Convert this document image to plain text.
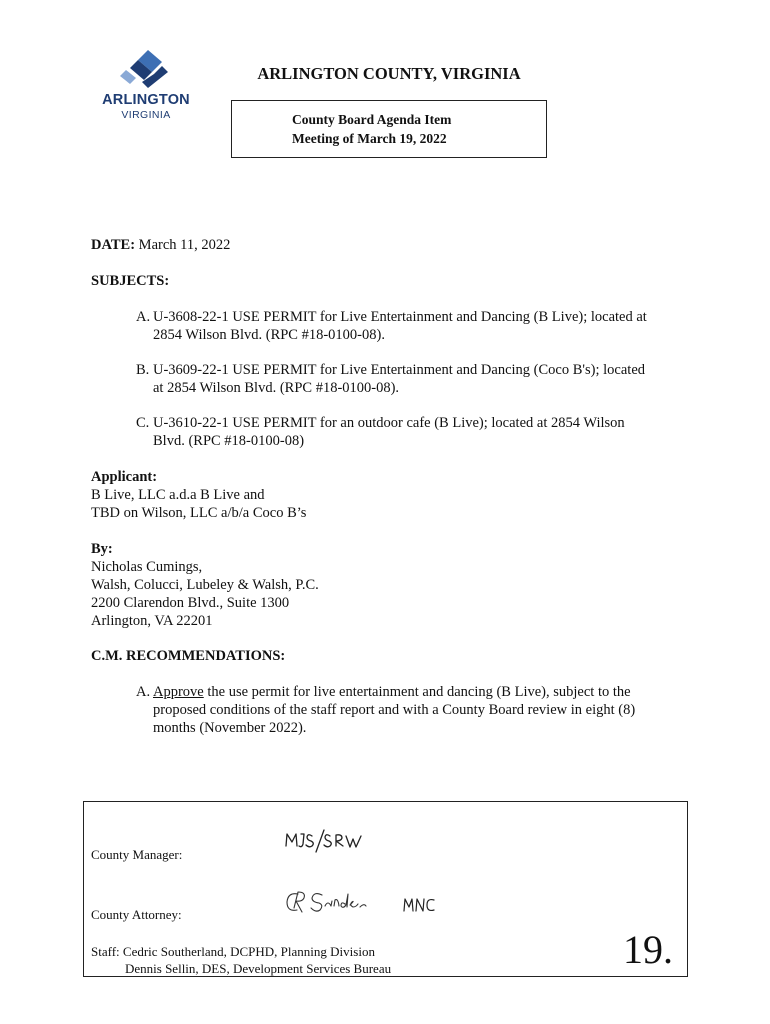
ARLINGTON
VIRGINIA
ARLINGTON COUNTY, VIRGINIA
County Board Agenda Item
Meeting of March 19, 2022
DATE: March 11, 2022
SUBJECTS:
A. U-3608-22-1 USE PERMIT for Live Entertainment and Dancing (B Live); located at
2854 Wilson Blvd. (RPC #18-0100-08).
B. U-3609-22-1 USE PERMIT for Live Entertainment and Dancing (Coco B's); located
at 2854 Wilson Blvd. (RPC #18-0100-08).
C. U-3610-22-1 USE PERMIT for an outdoor cafe (B Live); located at 2854 Wilson
Blvd. (RPC #18-0100-08)
Applicant:
B Live, LLC a.d.a B Live and
TBD on Wilson, LLC a/b/a Coco B’s
By:
Nicholas Cumings,
Walsh, Colucci, Lubeley & Walsh, P.C.
2200 Clarendon Blvd., Suite 1300
Arlington, VA 22201
C.M. RECOMMENDATIONS:
A. Approve the use permit for live entertainment and dancing (B Live), subject to the
proposed conditions of the staff report and with a County Board review in eight (8)
months (November 2022).
County Manager:
County Attorney:
Staff: Cedric Southerland, DCPHD, Planning Division
Dennis Sellin, DES, Development Services Bureau	19.
